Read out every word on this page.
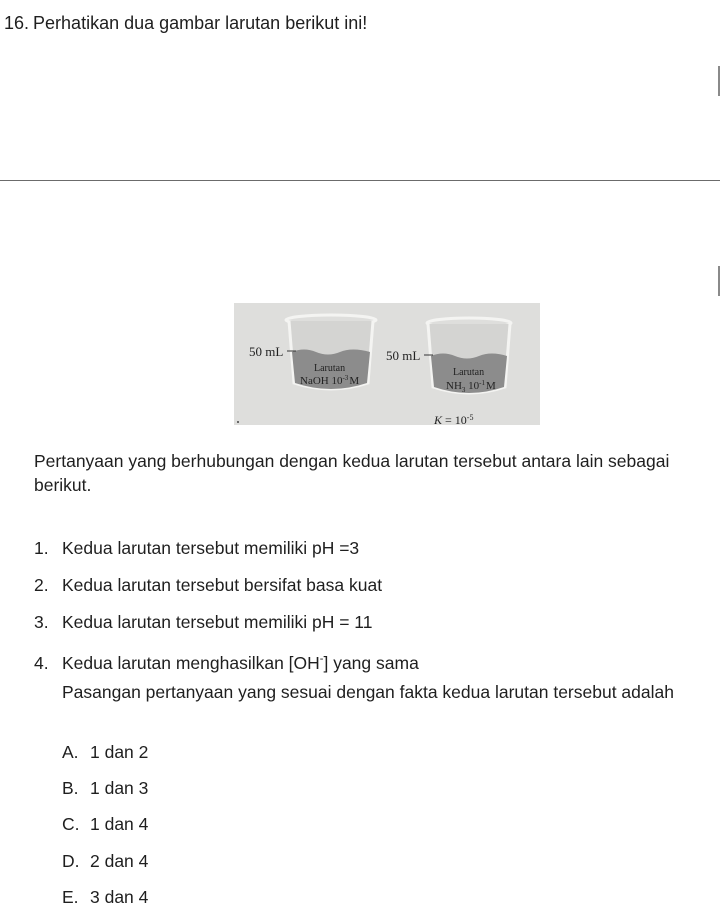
16. Perhatikan dua gambar larutan berikut ini!
50 mL
Larutan
NaOH $10^{-3}M$
50 mL
Larutan
$NH_3$ $10^{-1}M$
$K = 10^{-5}$
Pertanyaan yang berhubungan dengan kedua larutan tersebut antara lain sebagai berikut.
1. Kedua larutan tersebut memiliki pH =3
2. Kedua larutan tersebut bersifat basa kuat
3. Kedua larutan tersebut memiliki pH = 11
4. Kedua larutan menghasilkan [OH-] yang sama
Pasangan pertanyaan yang sesuai dengan fakta kedua larutan tersebut adalah
A. 1 dan 2
B. 1 dan 3
C. 1 dan 4
D. 2 dan 4
E. 3 dan 4
